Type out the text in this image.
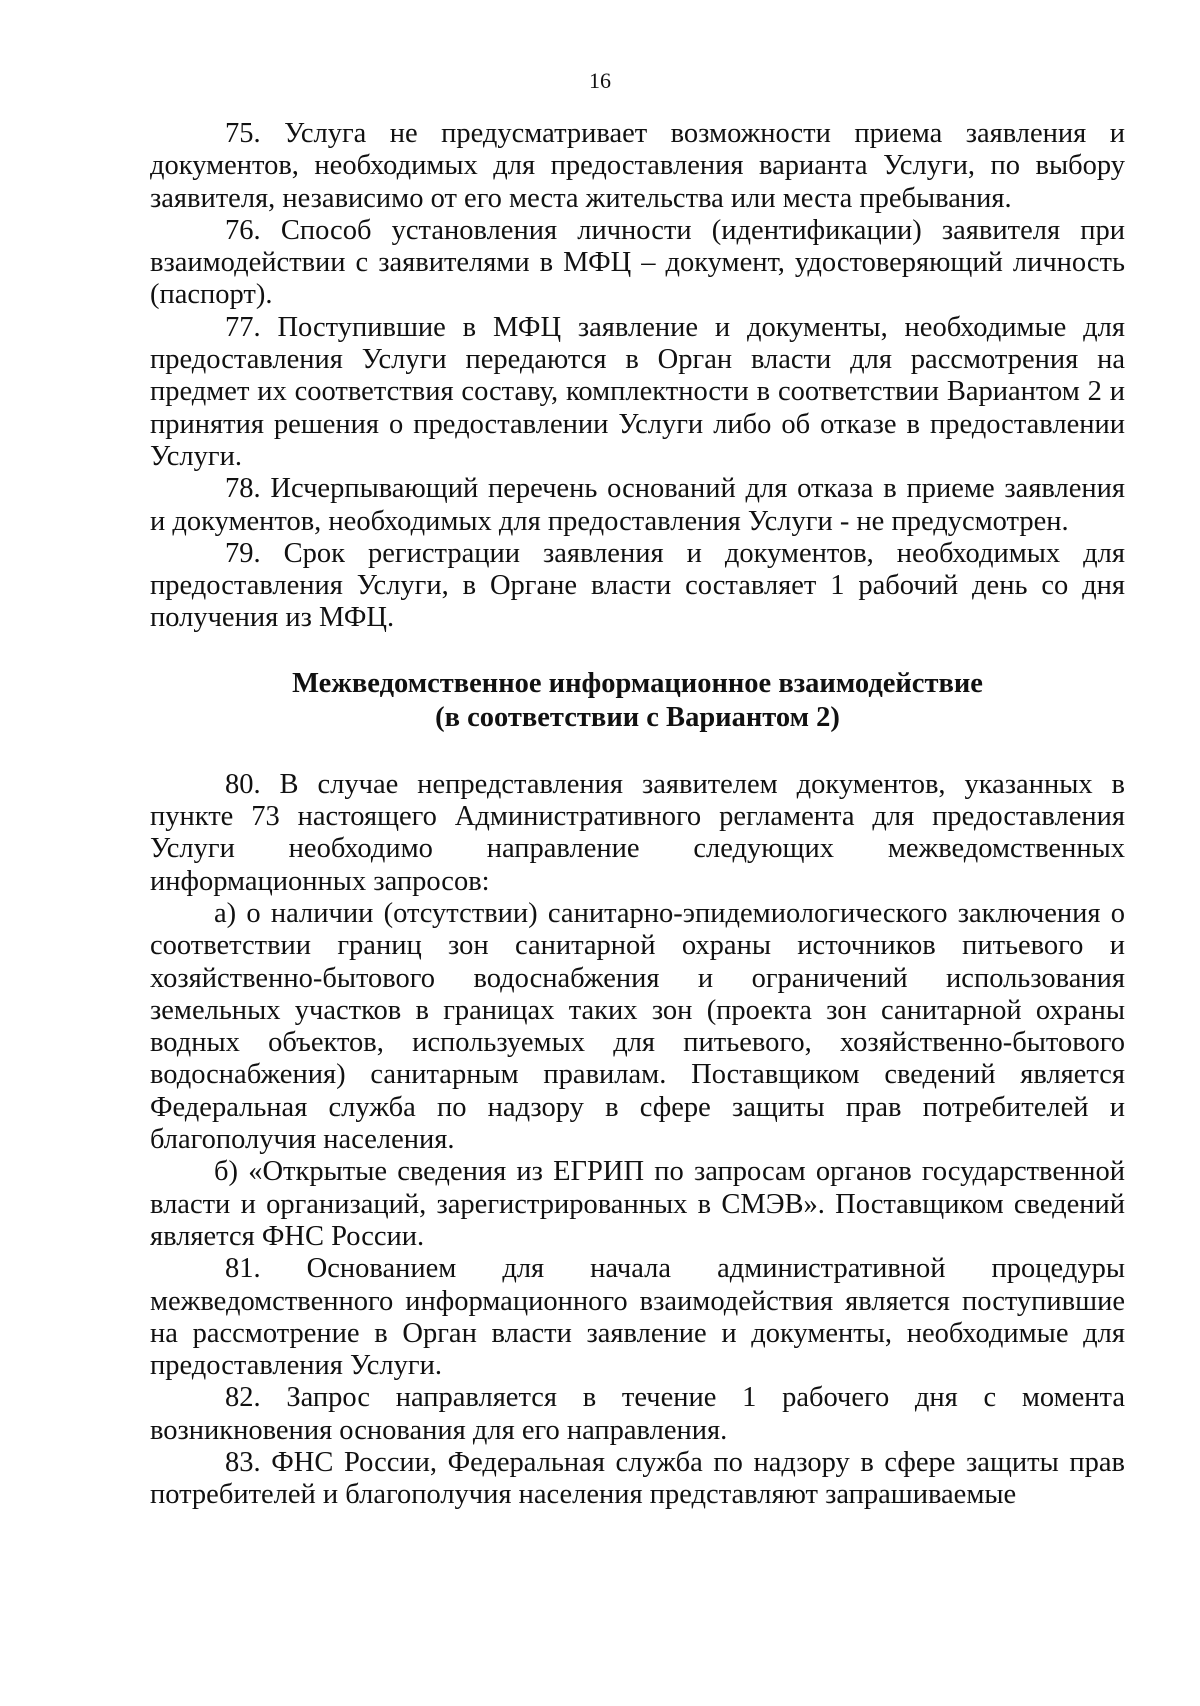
16

75. Услуга не предусматривает возможности приема заявления и документов, необходимых для предоставления варианта Услуги, по выбору заявителя, независимо от его места жительства или места пребывания.

76. Способ установления личности (идентификации) заявителя при взаимодействии с заявителями в МФЦ – документ, удостоверяющий личность (паспорт).

77. Поступившие в МФЦ заявление и документы, необходимые для предоставления Услуги передаются в Орган власти для рассмотрения на предмет их соответствия составу, комплектности в соответствии Вариантом 2 и принятия решения о предоставлении Услуги либо об отказе в предоставлении Услуги.

78. Исчерпывающий перечень оснований для отказа в приеме заявления и документов, необходимых для предоставления Услуги - не предусмотрен.

79. Срок регистрации заявления и документов, необходимых для предоставления Услуги, в Органе власти составляет 1 рабочий день со дня получения из МФЦ.

Межведомственное информационное взаимодействие
(в соответствии с Вариантом 2)

80. В случае непредставления заявителем документов, указанных в пункте 73 настоящего Административного регламента для предоставления Услуги необходимо направление следующих межведомственных информационных запросов:

а) о наличии (отсутствии) санитарно-эпидемиологического заключения о соответствии границ зон санитарной охраны источников питьевого и хозяйственно-бытового водоснабжения и ограничений использования земельных участков в границах таких зон (проекта зон санитарной охраны водных объектов, используемых для питьевого, хозяйственно-бытового водоснабжения) санитарным правилам. Поставщиком сведений является Федеральная служба по надзору в сфере защиты прав потребителей и благополучия населения.

б) «Открытые сведения из ЕГРИП по запросам органов государственной власти и организаций, зарегистрированных в СМЭВ». Поставщиком сведений является ФНС России.

81. Основанием для начала административной процедуры межведомственного информационного взаимодействия является поступившие на рассмотрение в Орган власти заявление и документы, необходимые для предоставления Услуги.

82. Запрос направляется в течение 1 рабочего дня с момента возникновения основания для его направления.

83. ФНС России, Федеральная служба по надзору в сфере защиты прав потребителей и благополучия населения представляют запрашиваемые
